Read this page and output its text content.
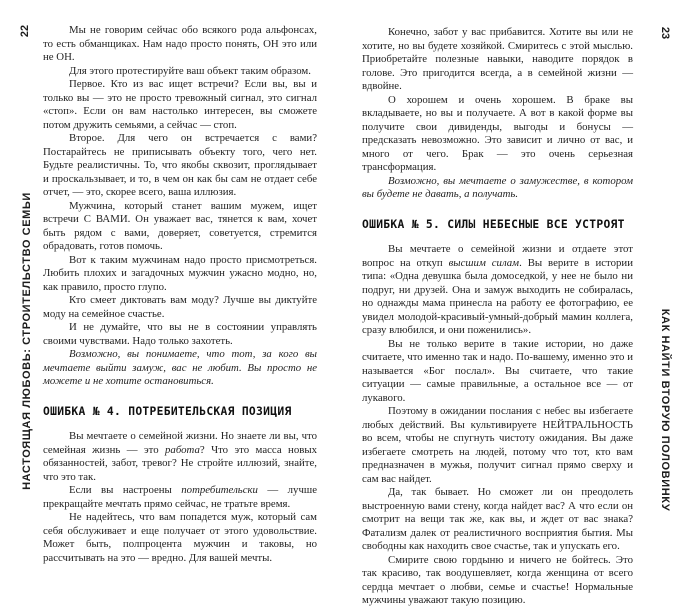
22
НАСТОЯЩАЯ ЛЮБОВЬ: СТРОИТЕЛЬСТВО СЕМЬИ

Мы не говорим сейчас обо всякого рода альфонсах, то есть обманщиках. Нам надо просто понять, ОН это или не ОН.

Для этого протестируйте ваш объект таким образом.

Первое. Кто из вас ищет встречи? Если вы, вы и только вы — это не просто тревожный сигнал, это сигнал «стоп». Если он вам настолько интересен, вы сможете потом дружить семьями, а сейчас — стоп.

Второе. Для чего он встречается с вами? Постарайтесь не приписывать объекту того, чего нет. Будьте реалистичны. То, что якобы сквозит, проглядывает и проскальзывает, и то, в чем он как бы сам не отдает себе отчет, — это, скорее всего, ваша иллюзия.

Мужчина, который станет вашим мужем, ищет встречи С ВАМИ. Он уважает вас, тянется к вам, хочет быть рядом с вами, доверяет, советуется, стремится обрадовать, готов помочь.

Вот к таким мужчинам надо просто присмотреться. Любить плохих и загадочных мужчин ужасно модно, но, как правило, просто глупо.

Кто смеет диктовать вам моду? Лучше вы диктуйте моду на семейное счастье.

И не думайте, что вы не в состоянии управлять своими чувствами. Надо только захотеть.

Возможно, вы понимаете, что тот, за кого вы мечтаете выйти замуж, вас не любит. Вы просто не можете и не хотите остановиться.

ОШИБКА № 4. ПОТРЕБИТЕЛЬСКАЯ ПОЗИЦИЯ

Вы мечтаете о семейной жизни. Но знаете ли вы, что семейная жизнь — это работа? Что это масса новых обязанностей, забот, тревог? Не стройте иллюзий, знайте, что это так.

Если вы настроены потребительски — лучше прекращайте мечтать прямо сейчас, не тратьте время.

Не надейтесь, что вам попадется муж, который сам себя обслуживает и еще получает от этого удовольствие. Может быть, полпроцента мужчин и таковы, но рассчитывать на это — вредно. Для вашей мечты.

Конечно, забот у вас прибавится. Хотите вы или не хотите, но вы будете хозяйкой. Смиритесь с этой мыслью. Приобретайте полезные навыки, наводите порядок в голове. Это пригодится всегда, а в семейной жизни — вдвойне.

О хорошем и очень хорошем. В браке вы вкладываете, но вы и получаете. А вот в какой форме вы получите свои дивиденды, выгоды и бонусы — предсказать невозможно. Это зависит и лично от вас, и много от чего. Брак — это очень серьезная трансформация.

Возможно, вы мечтаете о замужестве, в котором вы будете не давать, а получать.

ОШИБКА № 5. СИЛЫ НЕБЕСНЫЕ ВСЕ УСТРОЯТ

Вы мечтаете о семейной жизни и отдаете этот вопрос на откуп высшим силам. Вы верите в истории типа: «Одна девушка была домоседкой, у нее не было ни подруг, ни друзей. Она и замуж выходить не собиралась, но однажды мама принесла на работу ее фотографию, ее увидел молодой-красивый-умный-добрый мамин коллега, сразу влюбился, и они поженились».

Вы не только верите в такие истории, но даже считаете, что именно так и надо. По-вашему, именно это и называется «Бог послал». Вы считаете, что такие ситуации — самые правильные, а остальное все — от лукавого.

Поэтому в ожидании послания с небес вы избегаете любых действий. Вы культивируете НЕЙТРАЛЬНОСТЬ во всем, чтобы не спугнуть чистоту ожидания. Вы даже избегаете смотреть на людей, потому что тот, кто вам предназначен в мужья, получит сигнал прямо сверху и сам вас найдет.

Да, так бывает. Но сможет ли он преодолеть выстроенную вами стену, когда найдет вас? А что если он смотрит на вещи так же, как вы, и ждет от вас знака? Фатализм далек от реалистичного восприятия бытия. Мы свободны как находить свое счастье, так и упускать его.

Смирите свою гордыню и ничего не бойтесь. Это так красиво, так воодушевляет, когда женщина от всего сердца мечтает о любви, семье и счастье! Нормальные мужчины уважают такую позицию.

КАК НАЙТИ ВТОРУЮ ПОЛОВИНКУ
23
